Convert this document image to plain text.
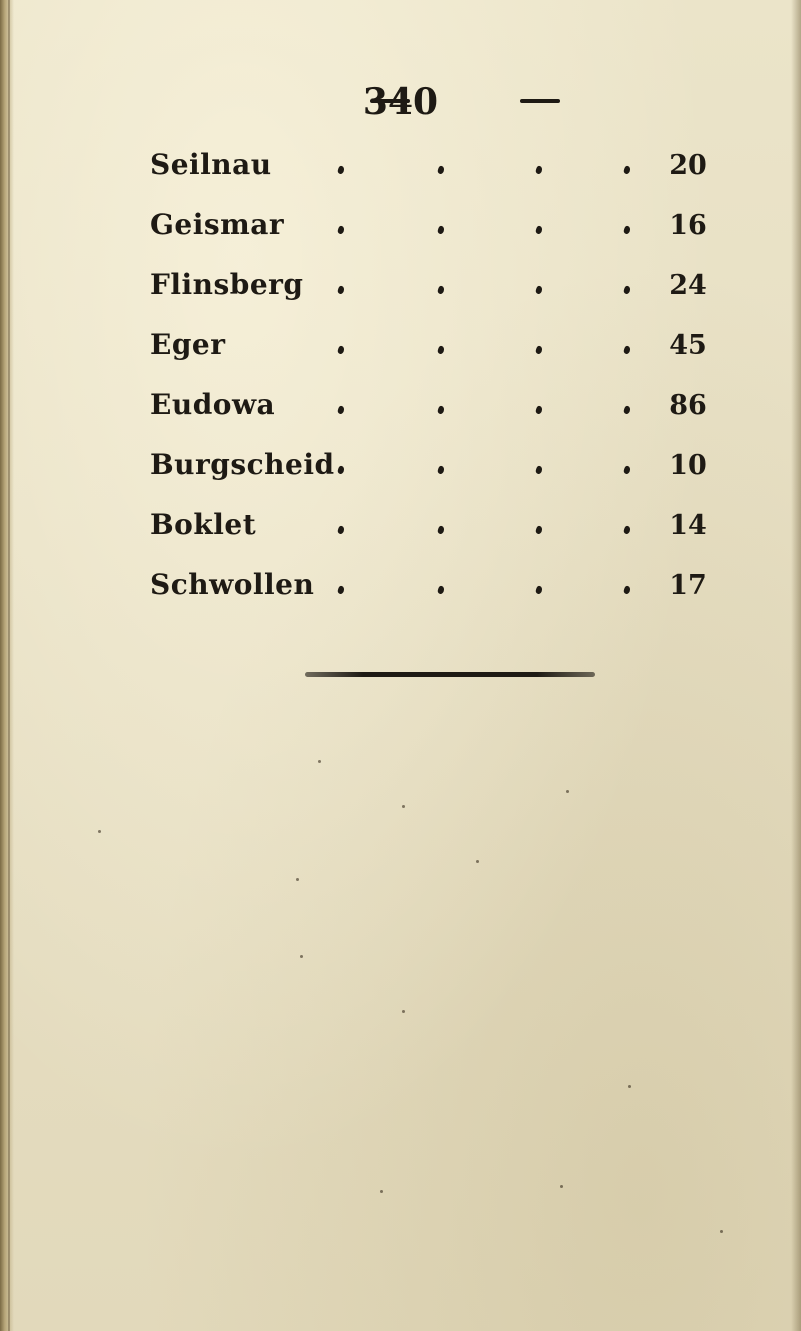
340
Seilnau	20
Geismar	16
Flinsberg	24
Eger	45
Eudowa	86
Burgscheid	10
Boklet	14
Schwollen	17
